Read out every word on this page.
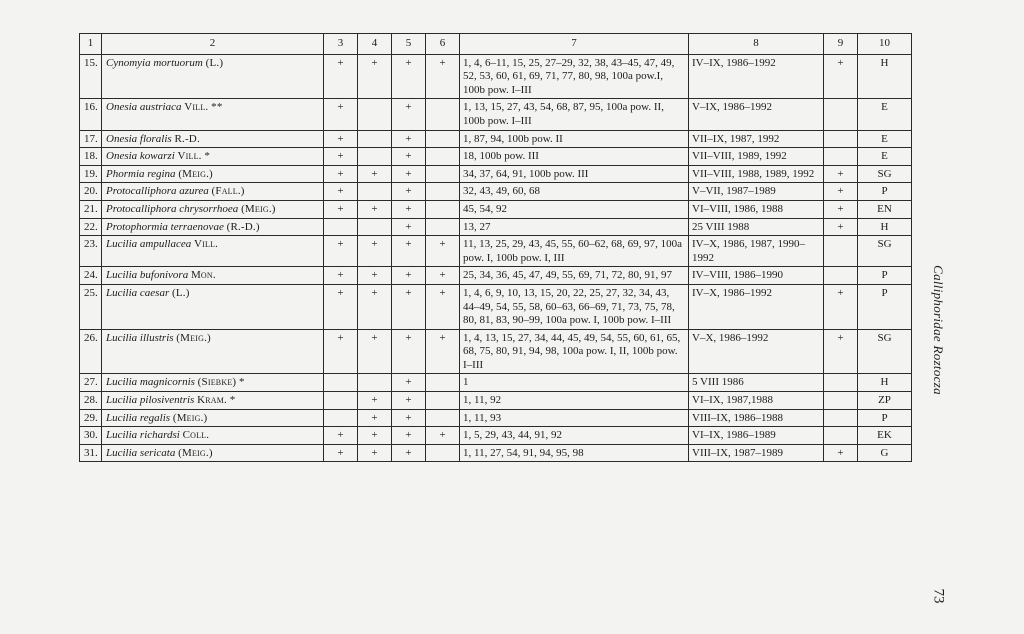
1	2	3	4	5	6	7	8	9	10
15.	Cynomyia mortuorum (L.)	+	+	+	+	1, 4, 6–11, 15, 25, 27–29, 32, 38, 43–45, 47, 49, 52, 53, 60, 61, 69, 71, 77, 80, 98, 100a pow.I, 100b pow. I–III	IV–IX, 1986–1992	+	H
16.	Onesia austriaca Vill. **	+		+		1, 13, 15, 27, 43, 54, 68, 87, 95, 100a pow. II, 100b pow. I–III	V–IX, 1986–1992		E
17.	Onesia floralis R.-D.	+		+		1, 87, 94, 100b pow. II	VII–IX, 1987, 1992		E
18.	Onesia kowarzi Vill. *	+		+		18, 100b pow. III	VII–VIII, 1989, 1992		E
19.	Phormia regina (Meig.)	+	+	+		34, 37, 64, 91, 100b pow. III	VII–VIII, 1988, 1989, 1992	+	SG
20.	Protocalliphora azurea (Fall.)	+		+		32, 43, 49, 60, 68	V–VII, 1987–1989	+	P
21.	Protocalliphora chrysorrhoea (Meig.)	+	+	+		45, 54, 92	VI–VIII, 1986, 1988	+	EN
22.	Protophormia terraenovae (R.-D.)			+		13, 27	25 VIII 1988	+	H
23.	Lucilia ampullacea Vill.	+	+	+	+	11, 13, 25, 29, 43, 45, 55, 60–62, 68, 69, 97, 100a pow. I, 100b pow. I, III	IV–X, 1986, 1987, 1990–1992		SG
24.	Lucilia bufonivora Mon.	+	+	+	+	25, 34, 36, 45, 47, 49, 55, 69, 71, 72, 80, 91, 97	IV–VIII, 1986–1990		P
25.	Lucilia caesar (L.)	+	+	+	+	1, 4, 6, 9, 10, 13, 15, 20, 22, 25, 27, 32, 34, 43, 44–49, 54, 55, 58, 60–63, 66–69, 71, 73, 75, 78, 80, 81, 83, 90–99, 100a pow. I, 100b pow. I–III	IV–X, 1986–1992	+	P
26.	Lucilia illustris (Meig.)	+	+	+	+	1, 4, 13, 15, 27, 34, 44, 45, 49, 54, 55, 60, 61, 65, 68, 75, 80, 91, 94, 98, 100a pow. I, II, 100b pow. I–III	V–X, 1986–1992	+	SG
27.	Lucilia magnicornis (Siebke) *			+		1	5 VIII 1986		H
28.	Lucilia pilosiventris Kram. *		+	+		1, 11, 92	VI–IX, 1987,1988		ZP
29.	Lucilia regalis (Meig.)		+	+		1, 11, 93	VIII–IX, 1986–1988		P
30.	Lucilia richardsi Coll.	+	+	+	+	1, 5, 29, 43, 44, 91, 92	VI–IX, 1986–1989		EK
31.	Lucilia sericata (Meig.)	+	+	+		1, 11, 27, 54, 91, 94, 95, 98	VIII–IX, 1987–1989	+	G
Calliphoridae Roztocza
73
